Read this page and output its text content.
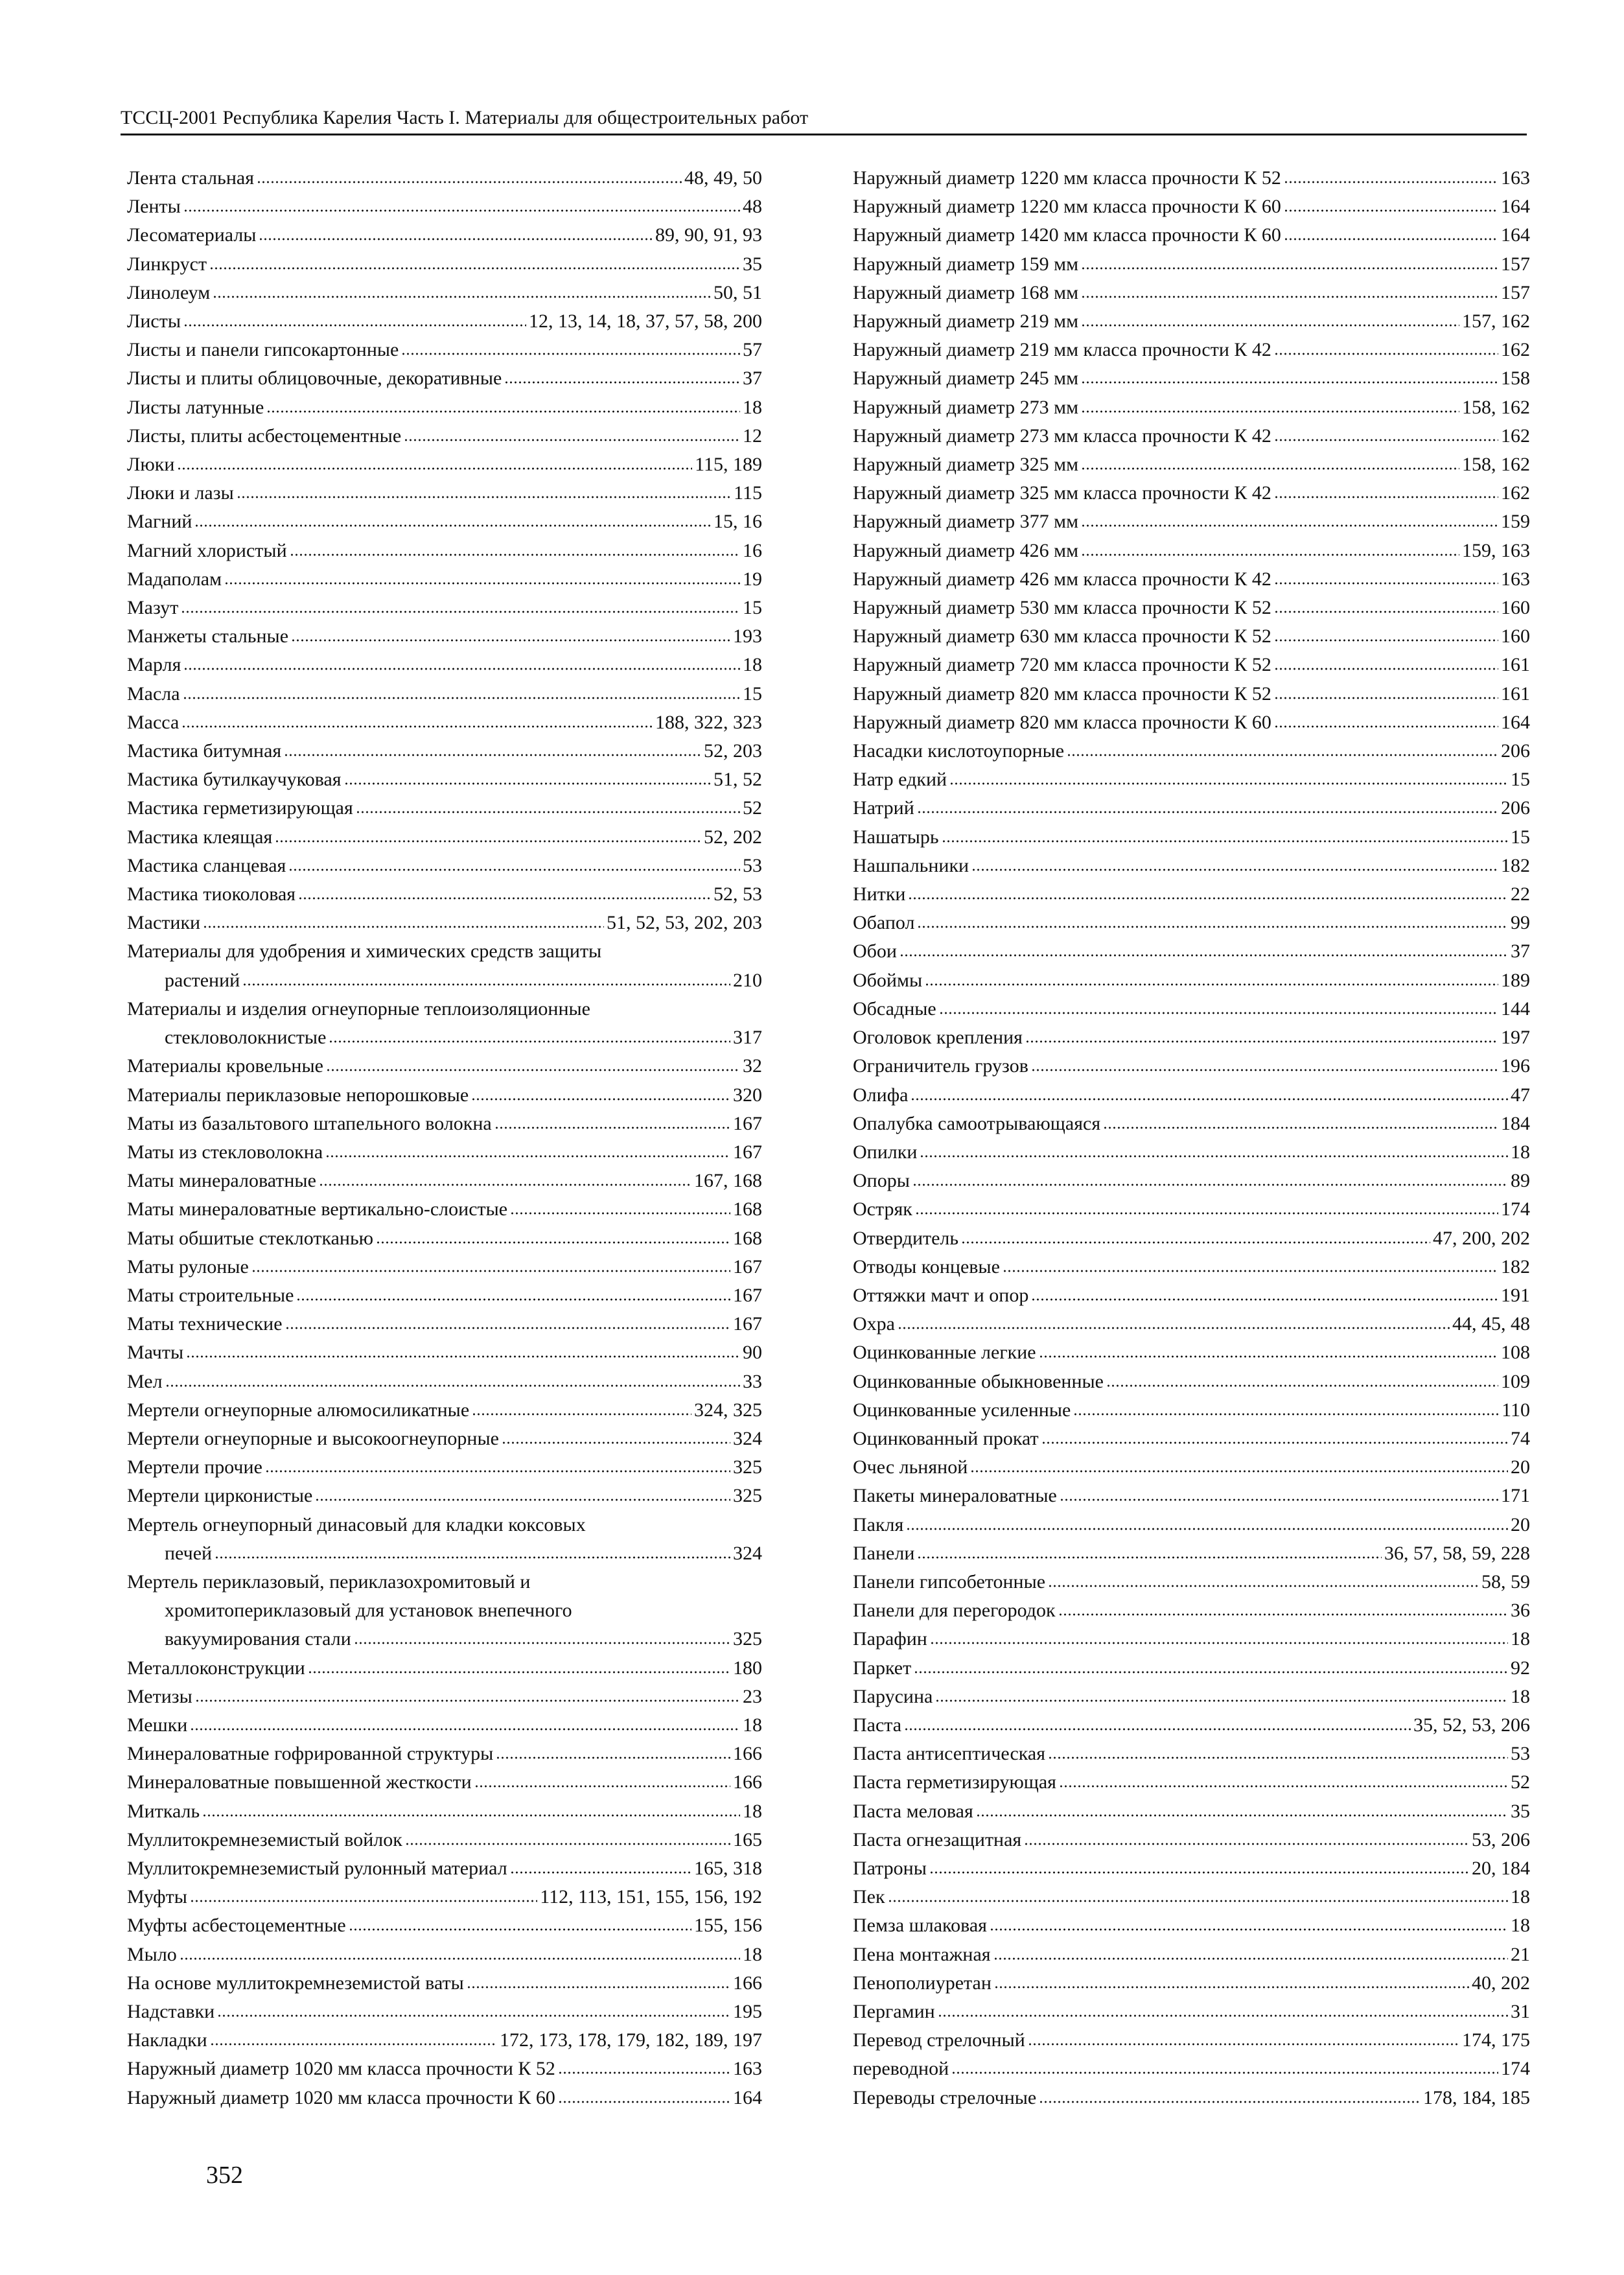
ТССЦ-2001 Республика Карелия Часть I. Материалы для общестроительных работ
Лента стальная	48, 49, 50
Ленты	48
Лесоматериалы	89, 90, 91, 93
Линкруст	35
Линолеум	50, 51
Листы	12, 13, 14, 18, 37, 57, 58, 200
Листы и панели гипсокартонные	57
Листы и плиты облицовочные, декоративные	37
Листы латунные	18
Листы, плиты асбестоцементные	12
Люки	115, 189
Люки и лазы	115
Магний	15, 16
Магний хлористый	16
Мадаполам	19
Мазут	15
Манжеты стальные	193
Марля	18
Масла	15
Масса	188, 322, 323
Мастика битумная	52, 203
Мастика бутилкаучуковая	51, 52
Мастика герметизирующая	52
Мастика клеящая	52, 202
Мастика сланцевая	53
Мастика тиоколовая	52, 53
Мастики	51, 52, 53, 202, 203
Материалы для удобрения и химических средств защиты
растений	210
Материалы и изделия огнеупорные теплоизоляционные
стекловолокнистые	317
Материалы кровельные	32
Материалы периклазовые непорошковые	320
Маты из базальтового штапельного волокна	167
Маты из стекловолокна	167
Маты минераловатные	167, 168
Маты минераловатные вертикально-слоистые	168
Маты обшитые стеклотканью	168
Маты рулоные	167
Маты строительные	167
Маты технические	167
Мачты	90
Мел	33
Мертели огнеупорные алюмосиликатные	324, 325
Мертели огнеупорные и высокоогнеупорные	324
Мертели прочие	325
Мертели цирконистые	325
Мертель огнеупорный динасовый для кладки коксовых
печей	324
Мертель периклазовый, периклазохромитовый и
хромитопериклазовый для установок внепечного
вакуумирования стали	325
Металлоконструкции	180
Метизы	23
Мешки	18
Минераловатные гофрированной структуры	166
Минераловатные повышенной жесткости	166
Миткаль	18
Муллитокремнеземистый войлок	165
Муллитокремнеземистый рулонный материал	165, 318
Муфты	112, 113, 151, 155, 156, 192
Муфты асбестоцементные	155, 156
Мыло	18
На основе муллитокремнеземистой ваты	166
Надставки	195
Накладки	172, 173, 178, 179, 182, 189, 197
Наружный диаметр 1020 мм класса прочности К 52	163
Наружный диаметр 1020 мм класса прочности К 60	164
Наружный диаметр 1220 мм класса прочности К 52	163
Наружный диаметр 1220 мм класса прочности К 60	164
Наружный диаметр 1420 мм класса прочности К 60	164
Наружный диаметр 159 мм	157
Наружный диаметр 168 мм	157
Наружный диаметр 219 мм	157, 162
Наружный диаметр 219 мм класса прочности К 42	162
Наружный диаметр 245 мм	158
Наружный диаметр 273 мм	158, 162
Наружный диаметр 273 мм класса прочности К 42	162
Наружный диаметр 325 мм	158, 162
Наружный диаметр 325 мм класса прочности К 42	162
Наружный диаметр 377 мм	159
Наружный диаметр 426 мм	159, 163
Наружный диаметр 426 мм класса прочности К 42	163
Наружный диаметр 530 мм класса прочности К 52	160
Наружный диаметр 630 мм класса прочности К 52	160
Наружный диаметр 720 мм класса прочности К 52	161
Наружный диаметр 820 мм класса прочности К 52	161
Наружный диаметр 820 мм класса прочности К 60	164
Насадки кислотоупорные	206
Натр едкий	15
Натрий	206
Нашатырь	15
Нашпальники	182
Нитки	22
Обапол	99
Обои	37
Обоймы	189
Обсадные	144
Оголовок крепления	197
Ограничитель грузов	196
Олифа	47
Опалубка самоотрывающаяся	184
Опилки	18
Опоры	89
Остряк	174
Отвердитель	47, 200, 202
Отводы концевые	182
Оттяжки мачт и опор	191
Охра	44, 45, 48
Оцинкованные легкие	108
Оцинкованные обыкновенные	109
Оцинкованные усиленные	110
Оцинкованный прокат	74
Очес льняной	20
Пакеты минераловатные	171
Пакля	20
Панели	36, 57, 58, 59, 228
Панели гипсобетонные	58, 59
Панели для перегородок	36
Парафин	18
Паркет	92
Парусина	18
Паста	35, 52, 53, 206
Паста антисептическая	53
Паста герметизирующая	52
Паста меловая	35
Паста огнезащитная	53, 206
Патроны	20, 184
Пек	18
Пемза шлаковая	18
Пена монтажная	21
Пенополиуретан	40, 202
Пергамин	31
Перевод стрелочный	174, 175
переводной	174
Переводы стрелочные	178, 184, 185
352
